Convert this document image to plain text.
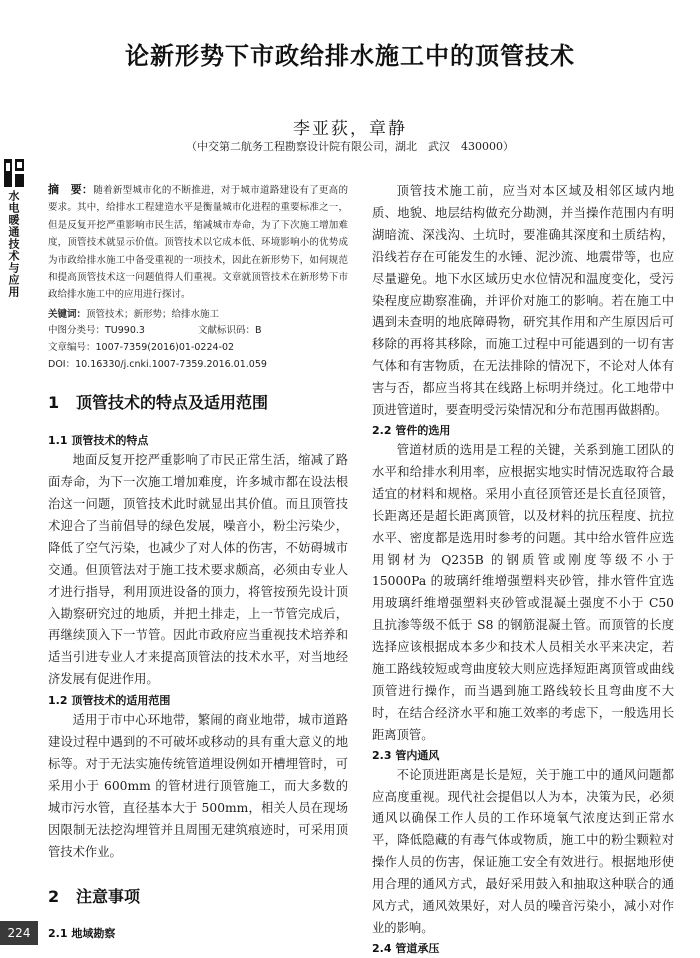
论新形势下市政给排水施工中的顶管技术
李亚荻，章静
（中交第二航务工程勘察设计院有限公司，湖北　武汉　430000）
水电暖通技术与应用
摘　要：随着新型城市化的不断推进，对于城市道路建设有了更高的要求。其中，给排水工程建造水平是衡量城市化进程的重要标准之一，但是反复开挖严重影响市民生活，缩减城市寿命，为了下次施工增加难度，顶管技术就显示价值。顶管技术以它成本低、环境影响小的优势成为市政给排水施工中备受重视的一项技术，因此在新形势下，如何规范和提高顶管技术这一问题值得人们重视。文章就顶管技术在新形势下市政给排水施工中的应用进行探讨。
关键词：顶管技术；新形势；给排水施工
中图分类号：TU990.3	文献标识码：B
文章编号：1007-7359(2016)01-0224-02
DOI：10.16330/j.cnki.1007-7359.2016.01.059
1 顶管技术的特点及适用范围
1.1 顶管技术的特点

地面反复开挖严重影响了市民正常生活，缩减了路面寿命，为下一次施工增加难度，许多城市都在设法根治这一问题，顶管技术此时就显出其价值。而且顶管技术迎合了当前倡导的绿色发展，噪音小，粉尘污染少，降低了空气污染，也减少了对人体的伤害，不妨碍城市交通。但顶管法对于施工技术要求颇高，必须由专业人才进行指导，利用顶进设备的顶力，将管按预先设计顶入勘察研究过的地质，并把土排走，上一节管完成后，再继续顶入下一节管。因此市政府应当重视技术培养和适当引进专业人才来提高顶管法的技术水平，对当地经济发展有促进作用。

1.2 顶管技术的适用范围

适用于市中心环地带，繁闹的商业地带，城市道路建设过程中遇到的不可破坏或移动的具有重大意义的地标等。对于无法实施传统管道埋设例如开槽埋管时，可采用小于 600mm 的管材进行顶管施工，而大多数的城市污水管，直径基本大于 500mm，相关人员在现场因限制无法挖沟埋管并且周围无建筑痕迹时，可采用顶管技术作业。

2 注意事项
2.1 地域勘察

顶管技术施工前，应当对本区域及相邻区域内地质、地貌、地层结构做充分勘测，并当操作范围内有明湖暗流、深浅沟、土坑时，要准确其深度和土质结构，沿线若存在可能发生的水锤、泥沙流、地震带等，也应尽量避免。地下水区域历史水位情况和温度变化，受污染程度应勘察准确，并评价对施工的影响。若在施工中遇到未查明的地底障碍物，研究其作用和产生原因后可移除的再将其移除，而施工过程中可能遇到的一切有害气体和有害物质，在无法排除的情况下，不论对人体有害与否，都应当将其在线路上标明并绕过。化工地带中顶进管道时，要查明受污染情况和分布范围再做斟酌。

2.2 管件的选用

管道材质的选用是工程的关键，关系到施工团队的水平和给排水利用率，应根据实地实时情况选取符合最适宜的材料和规格。采用小直径顶管还是长直径顶管，长距离还是超长距离顶管，以及材料的抗压程度、抗拉水平、密度都是选用时参考的问题。其中给水管件应选用钢材为 Q235B 的钢质管或刚度等级不小于 15000Pa 的玻璃纤维增强塑料夹砂管，排水管件宜选用玻璃纤维增强塑料夹砂管或混凝土强度不小于 C50 且抗渗等级不低于 S8 的钢筋混凝土管。而顶管的长度选择应该根据成本多少和技术人员相关水平来决定，若施工路线较短或弯曲度较大则应选择短距离顶管或曲线顶管进行操作，而当遇到施工路线较长且弯曲度不大时，在结合经济水平和施工效率的考虑下，一般选用长距离顶管。

2.3 管内通风

不论顶进距离是长是短，关于施工中的通风问题都应高度重视。现代社会提倡以人为本，决策为民，必须通风以确保工作人员的工作环境氧气浓度达到正常水平，降低隐藏的有毒气体或物质，施工中的粉尘颗粒对操作人员的伤害，保证施工安全有效进行。根据地形使用合理的通风方式，最好采用鼓入和抽取这种联合的通风方式，通风效果好，对人员的噪音污染小，减小对作业的影响。

2.4 管道承压
224
